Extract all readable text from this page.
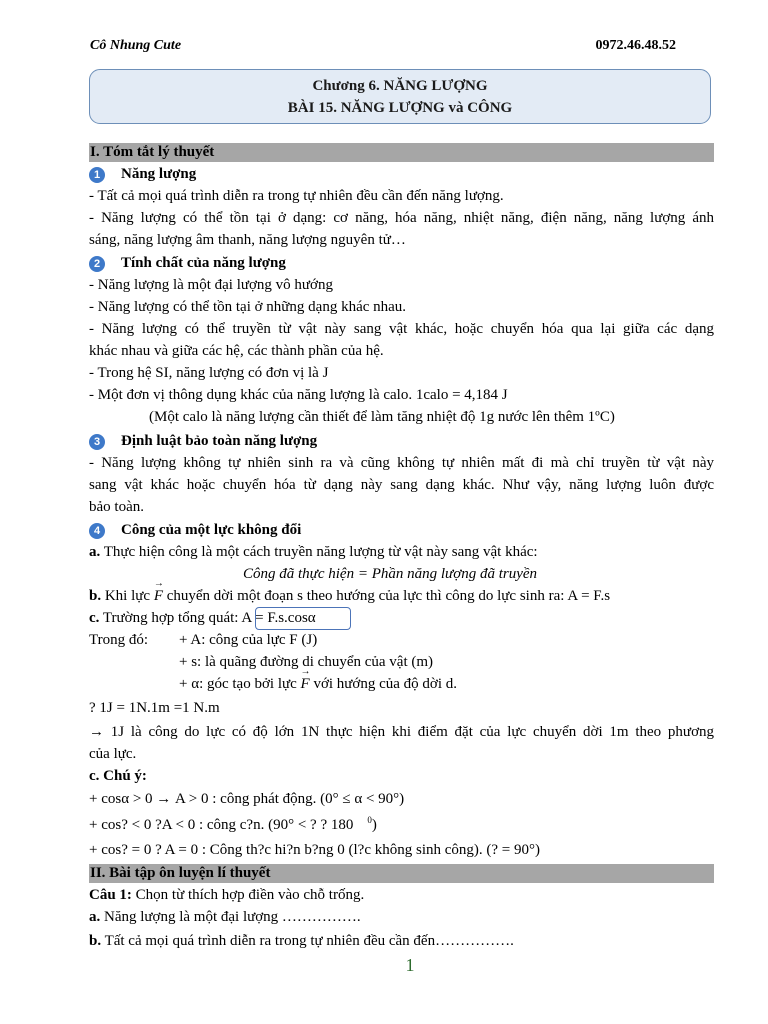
Cô Nhung Cute	0972.46.48.52
Chương 6. NĂNG LƯỢNG
BÀI 15. NĂNG LƯỢNG và CÔNG
I. Tóm tắt lý thuyết
1	Năng lượng
- Tất cả mọi quá trình diễn ra trong tự nhiên đều cần đến năng lượng.
- Năng lượng có thể tồn tại ở dạng: cơ năng, hóa năng, nhiệt năng, điện năng, năng lượng ánh
sáng, năng lượng âm thanh, năng lượng nguyên tử…
2	Tính chất của năng lượng
- Năng lượng là một đại lượng vô hướng
- Năng lượng có thể tồn tại ở những dạng khác nhau.
- Năng lượng có thể truyền từ vật này sang vật khác, hoặc chuyển hóa qua lại giữa các dạng
khác nhau và giữa các hệ, các thành phần của hệ.
- Trong hệ SI, năng lượng có đơn vị là J
- Một đơn vị thông dụng khác của năng lượng là calo. 1calo = 4,184 J
(Một calo là năng lượng cần thiết để làm tăng nhiệt độ 1g nước lên thêm 1ºC)
3	Định luật bảo toàn năng lượng
- Năng lượng không tự nhiên sinh ra và cũng không tự nhiên mất đi mà chỉ truyền từ vật này
sang vật khác hoặc chuyển hóa từ dạng này sang dạng khác. Như vậy, năng lượng luôn được
bảo toàn.
4	Công của một lực không đổi
a. Thực hiện công là một cách truyền năng lượng từ vật này sang vật khác:
Công đã thực hiện = Phần năng lượng đã truyền
b. Khi lực → F chuyển dời một đoạn s theo hướng của lực thì công do lực sinh ra: A = F.s
c. Trường hợp tổng quát: A = F.s.cosα
Trong đó: + A: công của lực F (J)
+ s: là quãng đường di chuyển của vật (m)
+ α: góc tạo bởi lực → F với hướng của độ dời d.
? 1J = 1N.1m =1 N.m
→ 1J là công do lực có độ lớn 1N thực hiện khi điểm đặt của lực chuyển dời 1m theo phương
của lực.
c. Chú ý:
+ cosα > 0 → A > 0 : công phát động. (0° ≤ α < 90°)
+ cos? < 0 ?A < 0 : công c?n. (90° < ? ? 180 $^0$)
+ cos? = 0 ? A = 0 : Công th?c hi?n b?ng 0 (l?c không sinh công). (? = 90°)
II. Bài tập ôn luyện lí thuyết
Câu 1: Chọn từ thích hợp điền vào chỗ trống.
a. Năng lượng là một đại lượng …………….
b. Tất cả mọi quá trình diễn ra trong tự nhiên đều cần đến…………….
1
